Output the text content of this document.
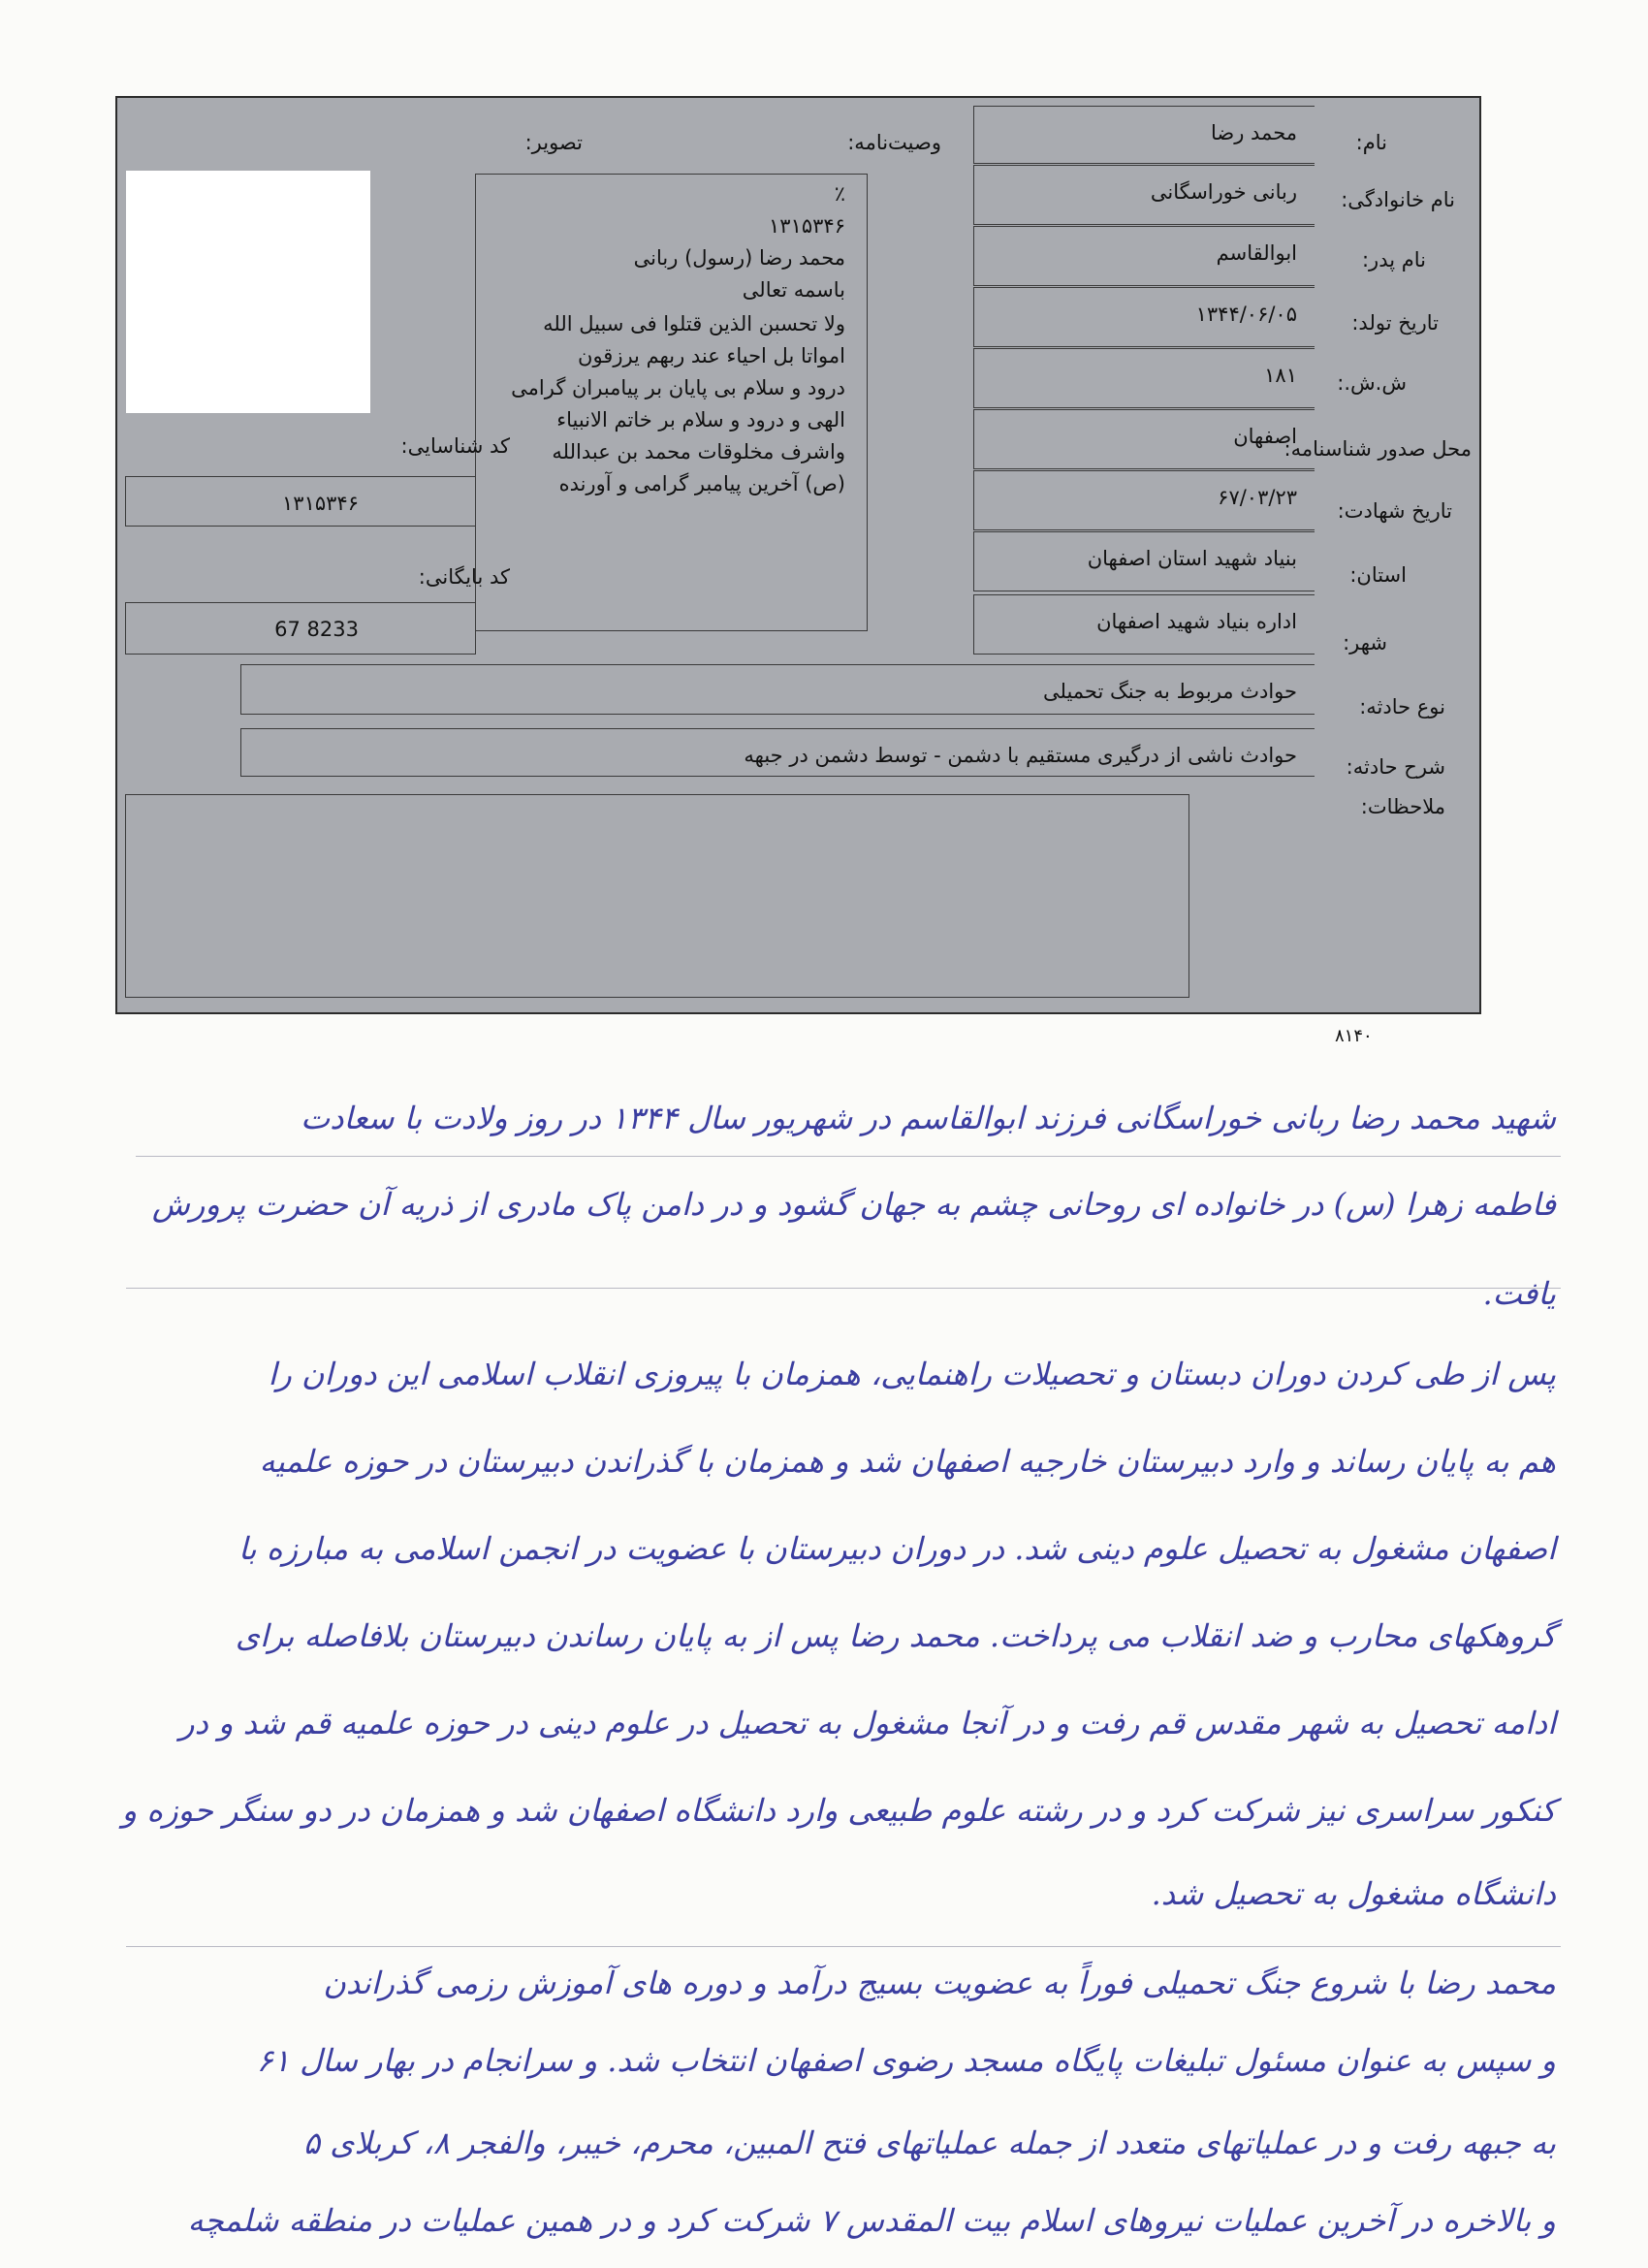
نام:
نام خانوادگی:
نام پدر:
تاریخ تولد:
ش.ش.:
محل صدور شناسنامه:
تاریخ شهادت:
استان:
شهر:
نوع حادثه:
شرح حادثه:
ملاحظات:
محمد رضا
ربانی خوراسگانی
ابوالقاسم
۱۳۴۴/۰۶/۰۵
۱۸۱
اصفهان
۶۷/۰۳/۲۳
بنیاد شهید استان اصفهان
اداره بنیاد شهید اصفهان
حوادث مربوط به جنگ تحمیلی
حوادث ناشی از درگیری مستقیم با دشمن - توسط دشمن در جبهه
وصیت‌نامه:
٪
۱۳۱۵۳۴۶
محمد رضا (رسول) ربانی
باسمه تعالی
ولا تحسبن الذین قتلوا فی سبیل الله
امواتا بل احیاء عند ربهم یرزقون
درود و سلام بی پایان بر پیامبران گرامی
الهی و درود و سلام بر خاتم الانبیاء
واشرف مخلوقات محمد بن عبدالله
(ص) آخرین پیامبر گرامی و آورنده
تصویر:
کد شناسایی:
۱۳۱۵۳۴۶
کد بایگانی:
67 8233
۸۱۴۰
شهید محمد رضا ربانی خوراسگانی فرزند ابوالقاسم در شهریور سال ۱۳۴۴ در روز ولادت با سعادت
فاطمه زهرا (س) در خانواده ای روحانی چشم به جهان گشود و در دامن پاک مادری از ذریه آن حضرت پرورش
یافت.
پس از طی کردن دوران دبستان و تحصیلات راهنمایی، همزمان با پیروزی انقلاب اسلامی این دوران را
هم به پایان رساند و وارد دبیرستان خارجیه اصفهان شد و همزمان با گذراندن دبیرستان در حوزه علمیه
اصفهان مشغول به تحصیل علوم دینی شد. در دوران دبیرستان با عضویت در انجمن اسلامی به مبارزه با
گروهکهای محارب و ضد انقلاب می پرداخت. محمد رضا پس از به پایان رساندن دبیرستان بلافاصله برای
ادامه تحصیل به شهر مقدس قم رفت و در آنجا مشغول به تحصیل در علوم دینی در حوزه علمیه قم شد و در
کنکور سراسری نیز شرکت کرد و در رشته علوم طبیعی وارد دانشگاه اصفهان شد و همزمان در دو سنگر حوزه و
دانشگاه مشغول به تحصیل شد.
محمد رضا با شروع جنگ تحمیلی فوراً به عضویت بسیج درآمد و دوره های آموزش رزمی گذراندن
و سپس به عنوان مسئول تبلیغات پایگاه مسجد رضوی اصفهان انتخاب شد. و سرانجام در بهار سال ۶۱
به جبهه رفت و در عملیاتهای متعدد از جمله عملیاتهای فتح المبین، محرم، خیبر، والفجر ۸، کربلای ۵
و بالاخره در آخرین عملیات نیروهای اسلام بیت المقدس ۷ شرکت کرد و در همین عملیات در منطقه شلمچه
